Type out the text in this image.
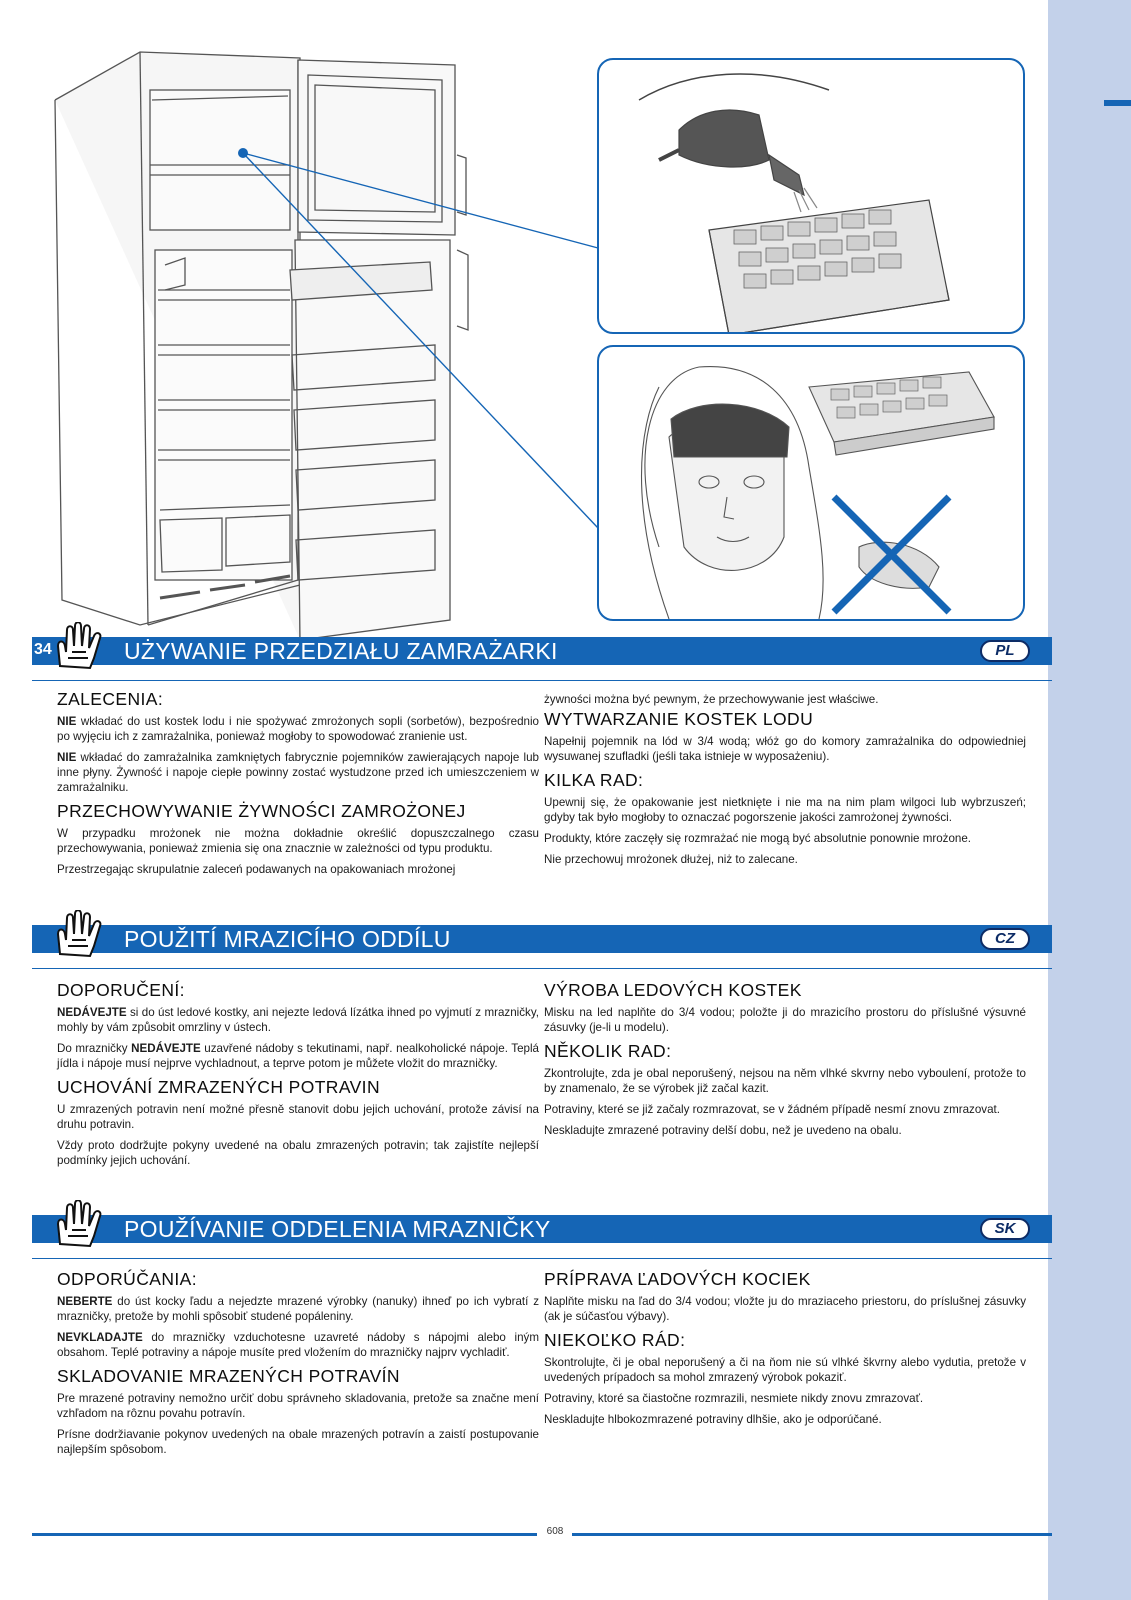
34	UŻYWANIE PRZEDZIAŁU ZAMRAŻARKI	PL
ZALECENIA:

NIE wkładać do ust kostek lodu i nie spożywać zmrożonych sopli (sorbetów), bezpośrednio po wyjęciu ich z zamrażalnika, ponieważ mogłoby to spowodować zranienie ust.

NIE wkładać do zamrażalnika zamkniętych fabrycznie pojemników zawierających napoje lub inne płyny. Żywność i napoje ciepłe powinny zostać wystudzone przed ich umieszczeniem w zamrażalniku.

PRZECHOWYWANIE ŻYWNOŚCI ZAMROŻONEJ

W przypadku mrożonek nie można dokładnie określić dopuszczalnego czasu przechowywania, ponieważ zmienia się ona znacznie w zależności od typu produktu.

Przestrzegając skrupulatnie zaleceń podawanych na opakowaniach mrożonej

żywności można być pewnym, że przechowywanie jest właściwe.

WYTWARZANIE KOSTEK LODU

Napełnij pojemnik na lód w 3/4 wodą; włóż go do komory zamrażalnika do odpowiedniej wysuwanej szufladki (jeśli taka istnieje w wyposażeniu).

KILKA RAD:

Upewnij się, że opakowanie jest nietknięte i nie ma na nim plam wilgoci lub wybrzuszeń; gdyby tak było mogłoby to oznaczać pogorszenie jakości zamrożonej żywności.

Produkty, które zaczęły się rozmrażać nie mogą być absolutnie ponownie mrożone.

Nie przechowuj mrożonek dłużej, niż to zalecane.

POUŽITÍ MRAZICÍHO ODDÍLU	CZ
DOPORUČENÍ:

NEDÁVEJTE si do úst ledové kostky, ani nejezte ledová lízátka ihned po vyjmutí z mrazničky, mohly by vám způsobit omrzliny v ústech.

Do mrazničky NEDÁVEJTE uzavřené nádoby s tekutinami, např. nealkoholické nápoje. Teplá jídla i nápoje musí nejprve vychladnout, a teprve potom je můžete vložit do mrazničky.

UCHOVÁNÍ ZMRAZENÝCH POTRAVIN

U zmrazených potravin není možné přesně stanovit dobu jejich uchování, protože závisí na druhu potravin.

Vždy proto dodržujte pokyny uvedené na obalu zmrazených potravin; tak zajistíte nejlepší podmínky jejich uchování.

VÝROBA LEDOVÝCH KOSTEK

Misku na led naplňte do 3/4 vodou; položte ji do mrazicího prostoru do příslušné výsuvné zásuvky (je-li u modelu).

NĚKOLIK RAD:

Zkontrolujte, zda je obal neporušený, nejsou na něm vlhké skvrny nebo vyboulení, protože to by znamenalo, že se výrobek již začal kazit.

Potraviny, které se již začaly rozmrazovat, se v žádném případě nesmí znovu zmrazovat.

Neskladujte zmrazené potraviny delší dobu, než je uvedeno na obalu.

POUŽÍVANIE ODDELENIA MRAZNIČKY	SK
ODPORÚČANIA:

NEBERTE do úst kocky ľadu a nejedzte mrazené výrobky (nanuky) ihneď po ich vybratí z mrazničky, pretože by mohli spôsobiť studené popáleniny.

NEVKLADAJTE do mrazničky vzduchotesne uzavreté nádoby s nápojmi alebo iným obsahom. Teplé potraviny a nápoje musíte pred vložením do mrazničky najprv vychladiť.

SKLADOVANIE MRAZENÝCH POTRAVÍN

Pre mrazené potraviny nemožno určiť dobu správneho skladovania, pretože sa značne mení vzhľadom na rôznu povahu potravín.

Prísne dodržiavanie pokynov uvedených na obale mrazených potravín a zaistí postupovanie najlepším spôsobom.

PRÍPRAVA ĽADOVÝCH KOCIEK

Naplňte misku na ľad do 3/4 vodou; vložte ju do mraziaceho priestoru, do príslušnej zásuvky (ak je súčasťou výbavy).

NIEKOĽKO RÁD:

Skontrolujte, či je obal neporušený a či na ňom nie sú vlhké škvrny alebo vydutia, pretože v uvedených prípadoch sa mohol zmrazený výrobok pokaziť.

Potraviny, ktoré sa čiastočne rozmrazili, nesmiete nikdy znovu zmrazovať.

Neskladujte hlbokozmrazené potraviny dlhšie, ako je odporúčané.

608
